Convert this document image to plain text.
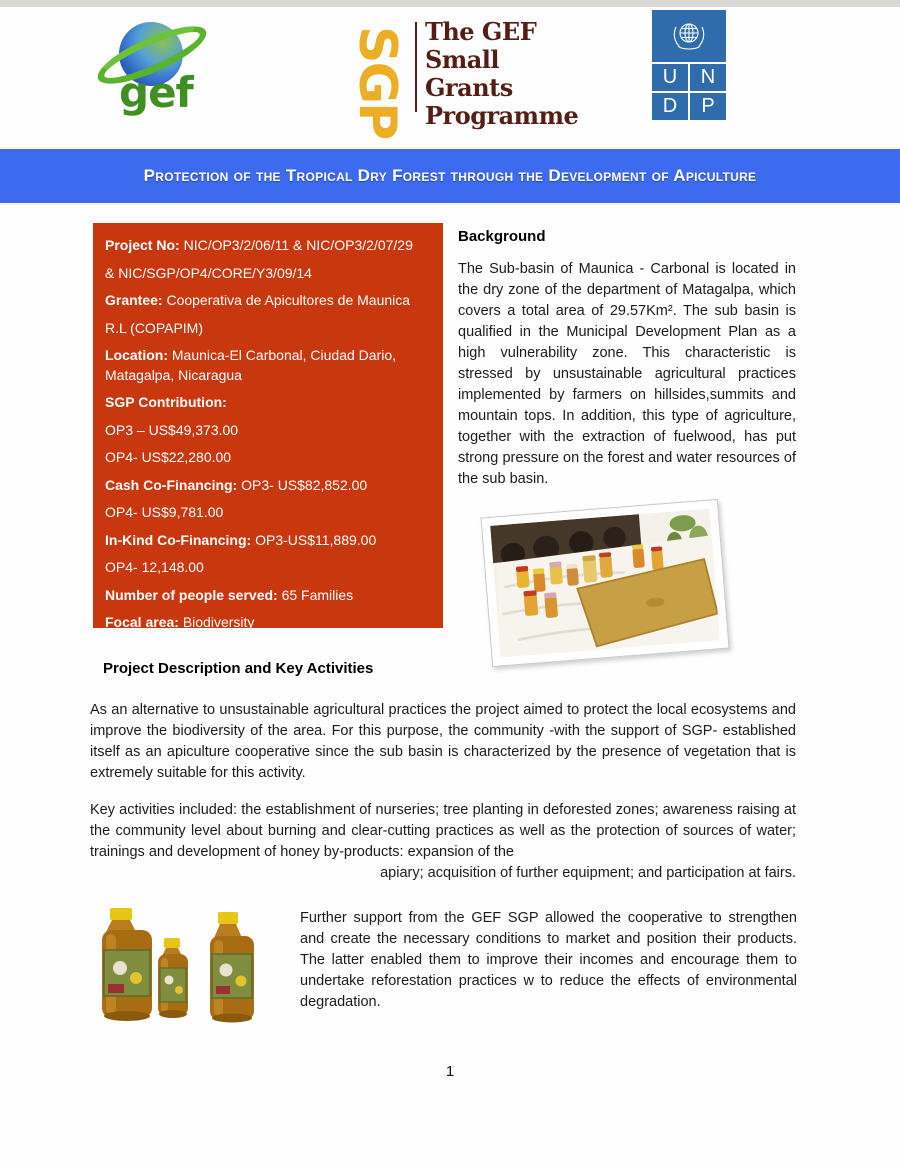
gef	SGP The GEF
Small Grants
Programme
U	N
D	P
Protection of the Tropical Dry Forest through the Development of Apiculture

Project No: NIC/OP3/2/06/11 & NIC/OP3/2/07/29

& NIC/SGP/OP4/CORE/Y3/09/14

Grantee: Cooperativa de Apicultores de Maunica R.L (COPAPIM)

Location: Maunica-El Carbonal, Ciudad Dario, Matagalpa, Nicaragua

SGP Contribution:

OP3 – US$49,373.00

OP4- US$22,280.00

Cash Co-Financing: OP3- US$82,852.00

OP4- US$9,781.00

In-Kind Co-Financing: OP3-US$11,889.00

OP4- 12,148.00

Number of people served: 65 Families

Focal area: Biodiversity

Background

The Sub-basin of Maunica - Carbonal is located in the dry zone of the department of Matagalpa, which covers a total area of 29.57Km². The sub basin is qualified in the Municipal Development Plan as a high vulnerability zone. This characteristic is stressed by unsustainable agricultural practices implemented by farmers on hillsides,summits and mountain tops. In addition, this type of agriculture, together with the extraction of fuelwood, has put strong pressure on the forest and water resources of the sub basin.

Project Description and Key Activities

As an alternative to unsustainable agricultural practices the project aimed to protect the local ecosystems and improve the biodiversity of the area. For this purpose, the community -with the support of SGP- established itself as an apiculture cooperative since the sub basin is characterized by the presence of vegetation that is extremely suitable for this activity.

Key activities included: the establishment of nurseries; tree planting in deforested zones; awareness raising at the community level about burning and clear-cutting practices as well as the protection of sources of water; trainings and development of honey by-products: expansion of the

apiary; acquisition of further equipment; and participation at fairs.

Further support from the GEF SGP allowed the cooperative to strengthen and create the necessary conditions to market and position their products. The latter enabled them to improve their incomes and encourage them to undertake reforestation practices w to reduce the effects of environmental degradation.

1
